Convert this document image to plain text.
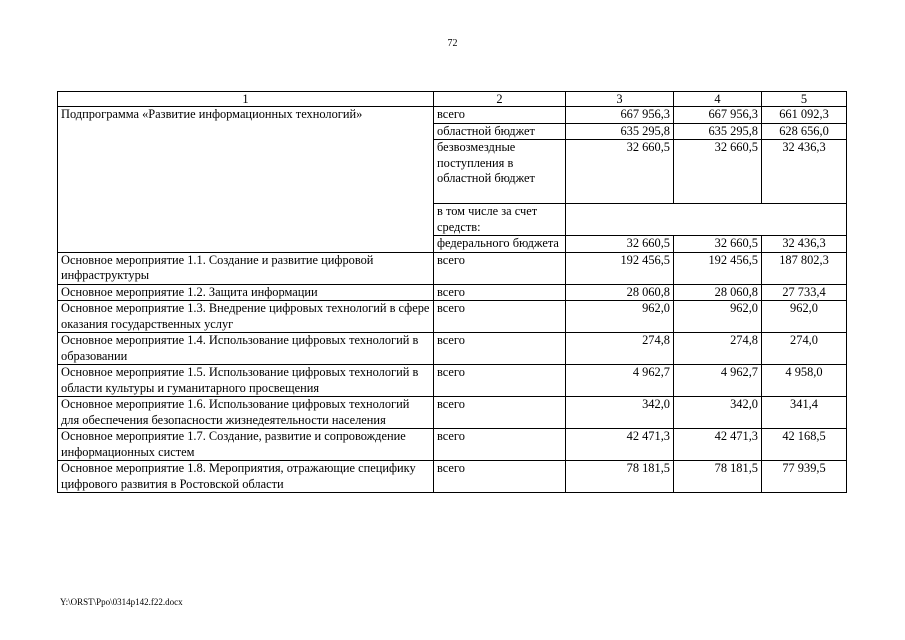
72
1	2	3	4	5
Подпрограмма «Развитие информационных технологий»	всего	667 956,3	667 956,3	661 092,3
	областной бюджет	635 295,8	635 295,8	628 656,0
	безвозмездные поступления в областной бюджет	32 660,5	32 660,5	32 436,3
	в том числе за счет средств:			
	федерального бюджета	32 660,5	32 660,5	32 436,3
Основное мероприятие 1.1. Создание и развитие цифровой инфраструктуры	всего	192 456,5	192 456,5	187 802,3
Основное мероприятие 1.2. Защита информации	всего	28 060,8	28 060,8	27 733,4
Основное мероприятие 1.3. Внедрение цифровых технологий в сфере оказания государственных услуг	всего	962,0	962,0	962,0
Основное мероприятие 1.4. Использование цифровых технологий в образовании	всего	274,8	274,8	274,0
Основное мероприятие 1.5. Использование цифровых технологий в области культуры и гуманитарного просвещения	всего	4 962,7	4 962,7	4 958,0
Основное мероприятие 1.6. Использование цифровых технологий для обеспечения безопасности жизнедеятельности населения	всего	342,0	342,0	341,4
Основное мероприятие 1.7. Создание, развитие и сопровождение информационных систем	всего	42 471,3	42 471,3	42 168,5
Основное мероприятие 1.8. Мероприятия, отражающие специфику цифрового развития в Ростовской области	всего	78 181,5	78 181,5	77 939,5
Y:\ORST\Ppo\0314p142.f22.docx
